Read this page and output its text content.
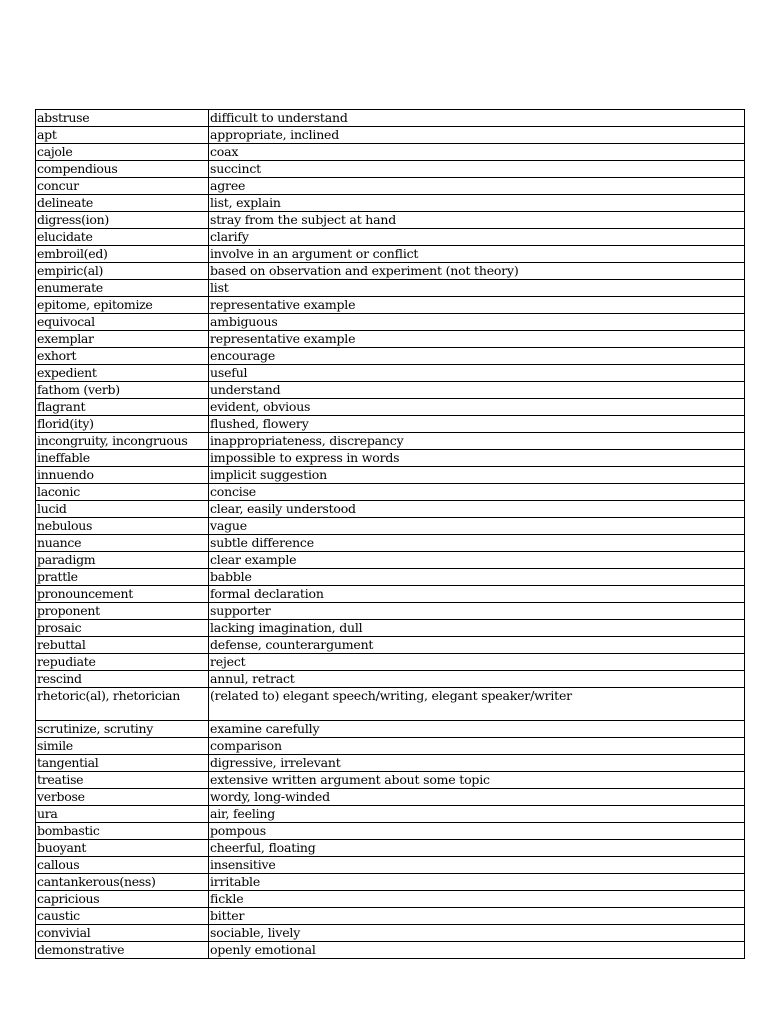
abstruse	difficult to understand
apt	appropriate, inclined
cajole	coax
compendious	succinct
concur	agree
delineate	list, explain
digress(ion)	stray from the subject at hand
elucidate	clarify
embroil(ed)	involve in an argument or conflict
empiric(al)	based on observation and experiment (not theory)
enumerate	list
epitome, epitomize	representative example
equivocal	ambiguous
exemplar	representative example
exhort	encourage
expedient	useful
fathom (verb)	understand
flagrant	evident, obvious
florid(ity)	flushed, flowery
incongruity, incongruous	inappropriateness, discrepancy
ineffable	impossible to express in words
innuendo	implicit suggestion
laconic	concise
lucid	clear, easily understood
nebulous	vague
nuance	subtle difference
paradigm	clear example
prattle	babble
pronouncement	formal declaration
proponent	supporter
prosaic	lacking imagination, dull
rebuttal	defense, counterargument
repudiate	reject
rescind	annul, retract
rhetoric(al), rhetorician	(related to) elegant speech/writing, elegant speaker/writer
scrutinize, scrutiny	examine carefully
simile	comparison
tangential	digressive, irrelevant
treatise	extensive written argument about some topic
verbose	wordy, long-winded
ura	air, feeling
bombastic	pompous
buoyant	cheerful, floating
callous	insensitive
cantankerous(ness)	irritable
capricious	fickle
caustic	bitter
convivial	sociable, lively
demonstrative	openly emotional
